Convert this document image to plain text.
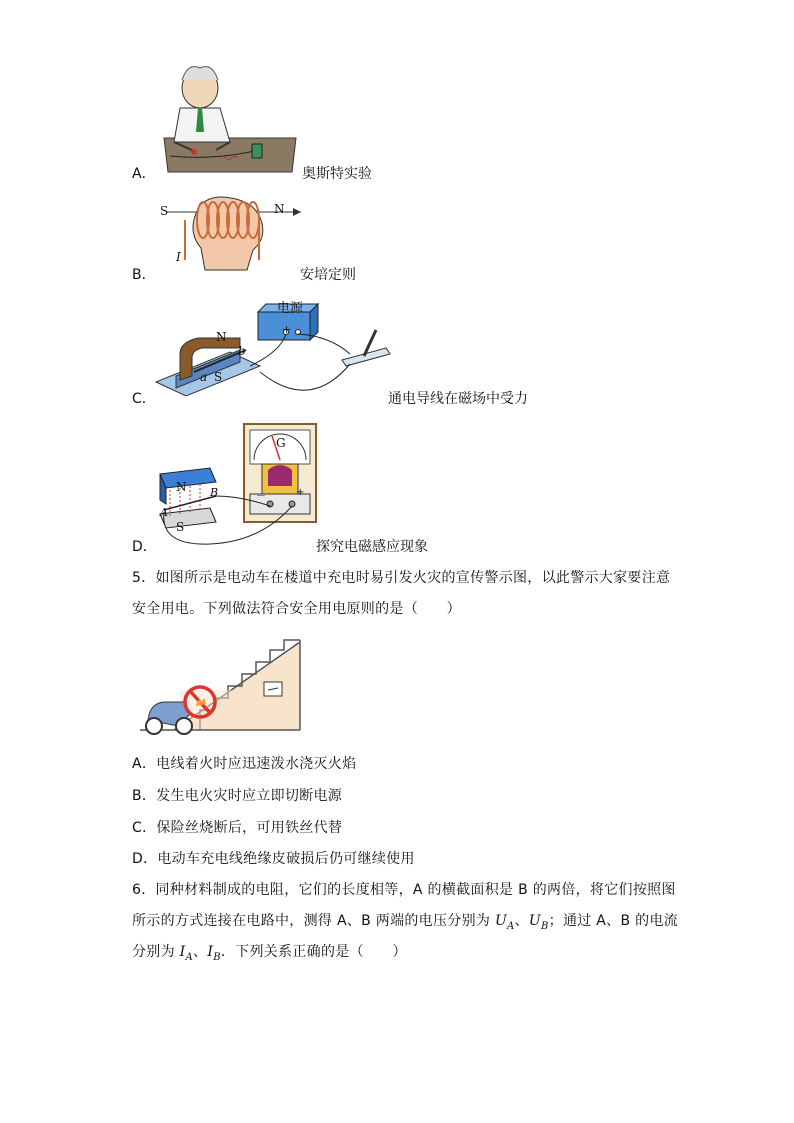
A．	奥斯特实验
S	N
I
B．	安培定则
电源
+
N
b
a S
C．	通电导线在磁场中受力
G
N B
A
S
－	+
D．	探究电磁感应现象
5．如图所示是电动车在楼道中充电时易引发火灾的宣传警示图，以此警示大家要注意
安全用电。下列做法符合安全用电原则的是（　　）
A．电线着火时应迅速泼水浇灭火焰
B．发生电火灾时应立即切断电源
C．保险丝烧断后，可用铁丝代替
D．电动车充电线绝缘皮破损后仍可继续使用
6．同种材料制成的电阻，它们的长度相等，A 的横截面积是 B 的两倍，将它们按照图
所示的方式连接在电路中，测得 A、B 两端的电压分别为 $U_A$、$U_B$；通过 A、B 的电流
分别为 $I_A$、$I_B$．下列关系正确的是（　　）
